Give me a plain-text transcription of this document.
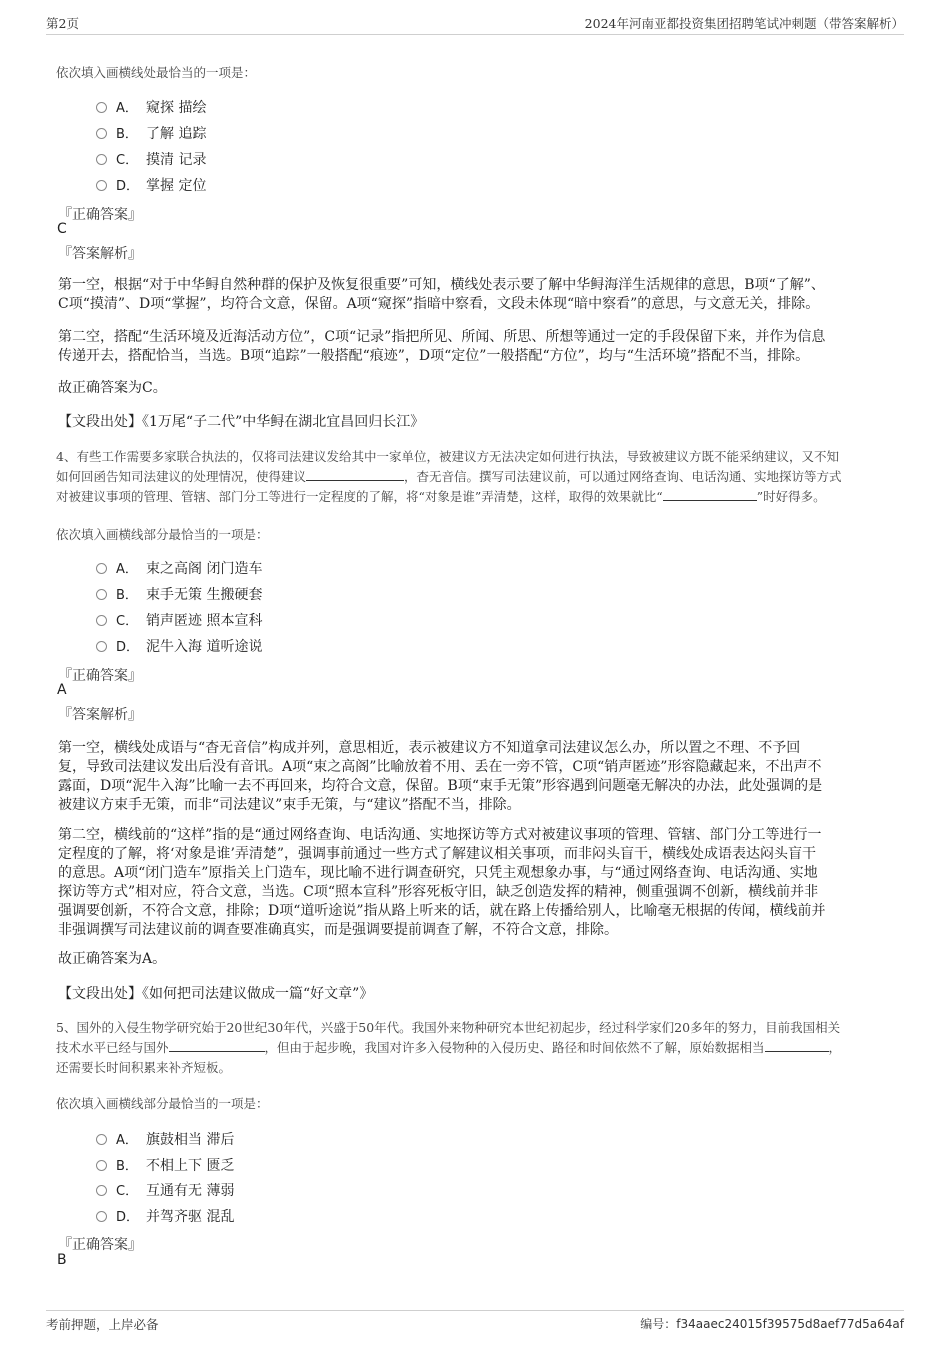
第2页	2024年河南亚都投资集团招聘笔试冲刺题（带答案解析）
依次填入画横线处最恰当的一项是：
A． 窥探 描绘
B． 了解 追踪
C． 摸清 记录
D． 掌握 定位
『正确答案』
C
『答案解析』
第一空，根据“对于中华鲟自然种群的保护及恢复很重要”可知，横线处表示要了解中华鲟海洋生活规律的意思，B项“了解”、
C项“摸清”、D项“掌握”，均符合文意，保留。A项“窥探”指暗中察看，文段未体现“暗中察看”的意思，与文意无关，排除。
第二空，搭配“生活环境及近海活动方位”，C项“记录”指把所见、所闻、所思、所想等通过一定的手段保留下来，并作为信息
传递开去，搭配恰当，当选。B项“追踪”一般搭配“痕迹”，D项“定位”一般搭配“方位”，均与“生活环境”搭配不当，排除。
故正确答案为C。
【文段出处】《1万尾“子二代”中华鲟在湖北宜昌回归长江》
4、有些工作需要多家联合执法的，仅将司法建议发给其中一家单位，被建议方无法决定如何进行执法，导致被建议方既不能采纳建议，又不知
如何回函告知司法建议的处理情况，使得建议	，杳无音信。撰写司法建议前，可以通过网络查询、电话沟通、实地探访等方式
对被建议事项的管理、管辖、部门分工等进行一定程度的了解，将“对象是谁”弄清楚，这样，取得的效果就比“	”时好得多。
依次填入画横线部分最恰当的一项是：
A． 束之高阁 闭门造车
B． 束手无策 生搬硬套
C． 销声匿迹 照本宣科
D． 泥牛入海 道听途说
『正确答案』
A
『答案解析』
第一空，横线处成语与“杳无音信”构成并列，意思相近，表示被建议方不知道拿司法建议怎么办，所以置之不理、不予回
复，导致司法建议发出后没有音讯。A项“束之高阁”比喻放着不用、丢在一旁不管，C项“销声匿迹”形容隐藏起来，不出声不
露面，D项“泥牛入海”比喻一去不再回来，均符合文意，保留。B项“束手无策”形容遇到问题毫无解决的办法，此处强调的是
被建议方束手无策，而非“司法建议”束手无策，与“建议”搭配不当，排除。
第二空，横线前的“这样”指的是“通过网络查询、电话沟通、实地探访等方式对被建议事项的管理、管辖、部门分工等进行一
定程度的了解，将‘对象是谁’弄清楚”，强调事前通过一些方式了解建议相关事项，而非闷头盲干，横线处成语表达闷头盲干
的意思。A项“闭门造车”原指关上门造车，现比喻不进行调查研究，只凭主观想象办事，与“通过网络查询、电话沟通、实地
探访等方式”相对应，符合文意，当选。C项“照本宣科”形容死板守旧，缺乏创造发挥的精神，侧重强调不创新，横线前并非
强调要创新，不符合文意，排除；D项“道听途说”指从路上听来的话，就在路上传播给别人，比喻毫无根据的传闻，横线前并
非强调撰写司法建议前的调查要准确真实，而是强调要提前调查了解，不符合文意，排除。
故正确答案为A。
【文段出处】《如何把司法建议做成一篇“好文章”》
5、国外的入侵生物学研究始于20世纪30年代，兴盛于50年代。我国外来物种研究本世纪初起步，经过科学家们20多年的努力，目前我国相关
技术水平已经与国外	，但由于起步晚，我国对许多入侵物种的入侵历史、路径和时间依然不了解，原始数据相当	，
还需要长时间积累来补齐短板。
依次填入画横线部分最恰当的一项是：
A． 旗鼓相当 滞后
B． 不相上下 匮乏
C． 互通有无 薄弱
D． 并驾齐驱 混乱
『正确答案』
B
考前押题，上岸必备	编号：f34aaec24015f39575d8aef77d5a64af
